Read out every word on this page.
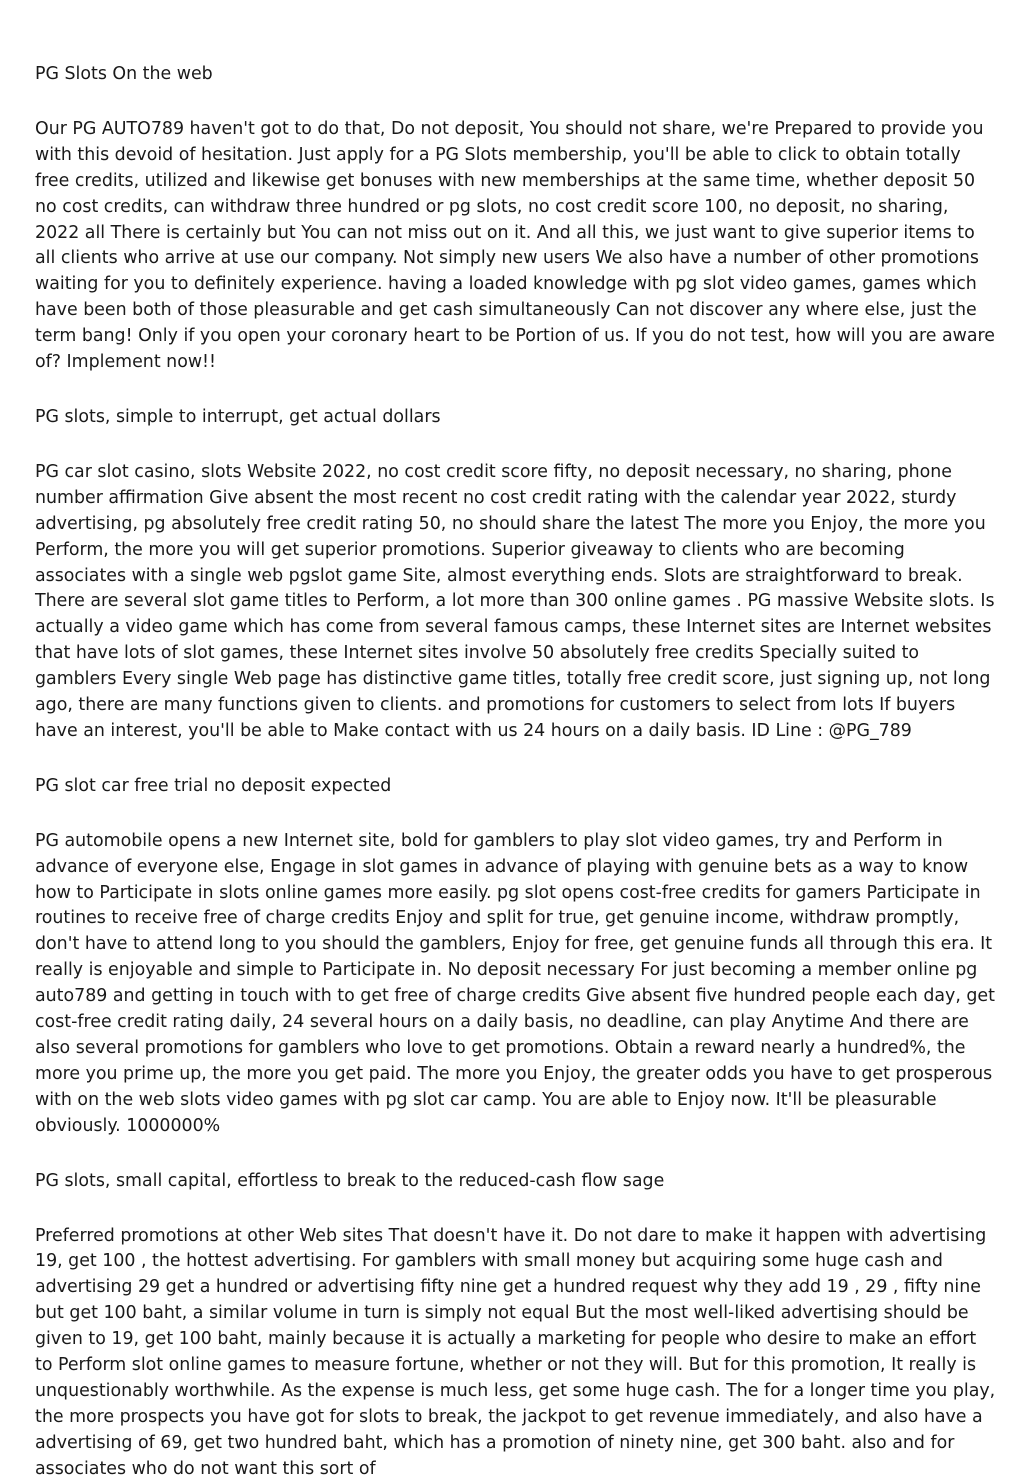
PG Slots On the web

Our PG AUTO789 haven't got to do that, Do not deposit, You should not share, we're Prepared to provide you with this devoid of hesitation. Just apply for a PG Slots membership, you'll be able to click to obtain totally free credits, utilized and likewise get bonuses with new memberships at the same time, whether deposit 50 no cost credits, can withdraw three hundred or pg slots, no cost credit score 100, no deposit, no sharing, 2022 all There is certainly but You can not miss out on it. And all this, we just want to give superior items to all clients who arrive at use our company. Not simply new users We also have a number of other promotions waiting for you to definitely experience. having a loaded knowledge with pg slot video games, games which have been both of those pleasurable and get cash simultaneously Can not discover any where else, just the term bang! Only if you open your coronary heart to be Portion of us. If you do not test, how will you are aware of? Implement now!!

PG slots, simple to interrupt, get actual dollars

PG car slot casino, slots Website 2022, no cost credit score fifty, no deposit necessary, no sharing, phone number affirmation Give absent the most recent no cost credit rating with the calendar year 2022, sturdy advertising, pg absolutely free credit rating 50, no should share the latest The more you Enjoy, the more you Perform, the more you will get superior promotions. Superior giveaway to clients who are becoming associates with a single web pgslot game Site, almost everything ends. Slots are straightforward to break. There are several slot game titles to Perform, a lot more than 300 online games . PG massive Website slots. Is actually a video game which has come from several famous camps, these Internet sites are Internet websites that have lots of slot games, these Internet sites involve 50 absolutely free credits Specially suited to gamblers Every single Web page has distinctive game titles, totally free credit score, just signing up, not long ago, there are many functions given to clients. and promotions for customers to select from lots If buyers have an interest, you'll be able to Make contact with us 24 hours on a daily basis. ID Line : @PG_789

PG slot car free trial no deposit expected

PG automobile opens a new Internet site, bold for gamblers to play slot video games, try and Perform in advance of everyone else, Engage in slot games in advance of playing with genuine bets as a way to know how to Participate in slots online games more easily. pg slot opens cost-free credits for gamers Participate in routines to receive free of charge credits Enjoy and split for true, get genuine income, withdraw promptly, don't have to attend long to you should the gamblers, Enjoy for free, get genuine funds all through this era. It really is enjoyable and simple to Participate in. No deposit necessary For just becoming a member online pg auto789 and getting in touch with to get free of charge credits Give absent five hundred people each day, get cost-free credit rating daily, 24 several hours on a daily basis, no deadline, can play Anytime And there are also several promotions for gamblers who love to get promotions. Obtain a reward nearly a hundred%, the more you prime up, the more you get paid. The more you Enjoy, the greater odds you have to get prosperous with on the web slots video games with pg slot car camp. You are able to Enjoy now. It'll be pleasurable obviously. 1000000%

PG slots, small capital, effortless to break to the reduced-cash flow sage

Preferred promotions at other Web sites That doesn't have it. Do not dare to make it happen with advertising 19, get 100 , the hottest advertising. For gamblers with small money but acquiring some huge cash and advertising 29 get a hundred or advertising fifty nine get a hundred request why they add 19 , 29 , fifty nine but get 100 baht, a similar volume in turn is simply not equal But the most well-liked advertising should be given to 19, get 100 baht, mainly because it is actually a marketing for people who desire to make an effort to Perform slot online games to measure fortune, whether or not they will. But for this promotion, It really is unquestionably worthwhile. As the expense is much less, get some huge cash. The for a longer time you play, the more prospects you have got for slots to break, the jackpot to get revenue immediately, and also have a advertising of 69, get two hundred baht, which has a promotion of ninety nine, get 300 baht. also and for associates who do not want this sort of
